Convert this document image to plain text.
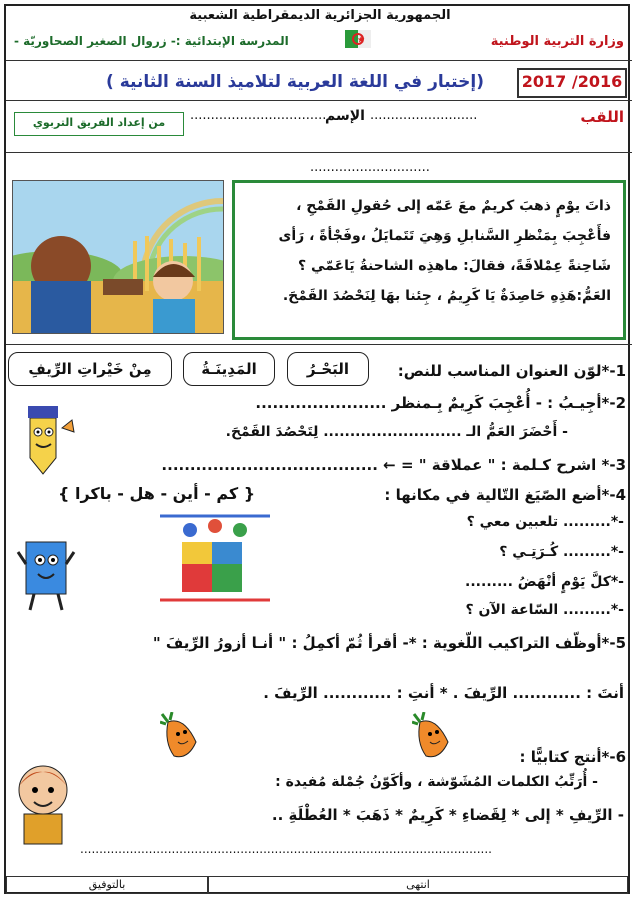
الجمهورية الجزائرية الديمقراطية الشعبية
وزارة التربية الوطنية
المدرسة الإبتدائية :- زروال الصغير الصحاوريّة -
2017 /2016
(إختبار في اللغة العربية لتلاميذ السنة الثانية )
اللقب
..........................
الإسم
.................................
من إعداد الفريق التربوي
.............................
ذاتَ يوْمٍ ذهبَ كريمٌ معَ عَمّه إلى حُقولِ القَمْحِ ،
فأَعْجِبَ بِمَنْظرِ السَّنابلِ وَهِيَ تَتَمايَلُ ،وفَجْأةً ، رَأى
شَاحِنةً عِمْلاقَةً، فقالَ: ماهذِه الشاحنةُ يَاعَمّي ؟
العَمُّ:هَذِهِ حَاصِدَةٌ يَا كَرِيمُ ، جِئنا بهَا لِنَحْصُدَ القَمْحَ.
1-*لوّن العنوان المناسب للنص:
البَحْـرُ
المَدِينَـةُ
مِنْ خَيْراتِ الرِّيفِ
2-*أجِيـبُ : - أُعْجِبَ كَرِيمٌ بِـمنظر .......................
- أَحْضَرَ العَمُّ الـ .......................... لِتَحْصُدَ القَمْحَ.
3-* اشرح كـلمة : " عملاقة " = ← ......................................
4-*أضع الصّيَغ التّالية في مكانها :
{ كم - أين - هل - باكرا }
-*......... تلعبين معي ؟
-*......... كُـرَتِـي ؟
-*كلَّ يَوْمٍ أنْهَضُ .........
-*......... السّاعة الآن ؟
5-*أوظّف التراكيب اللّغوية : *- أقرأ ثُمّ أكمِلُ : " أنـا أزورُ الرِّيفَ "
أنتَ : ............ الرِّيفَ . * أنتِ : ............ الرِّيفَ .
6-*أنتج كتابيًّا :
- أُرَتِّبُ الكلمات المُشَوّشة ، وأكَوّنُ جُمْلة مُفيدة :
- الرِّيفِ * إلى * لِقَضاءِ * كَرِيمٌ * ذَهَبَ * العُطْلَةِ ..
............................................................................................................
انتهى
بالتوفيق
